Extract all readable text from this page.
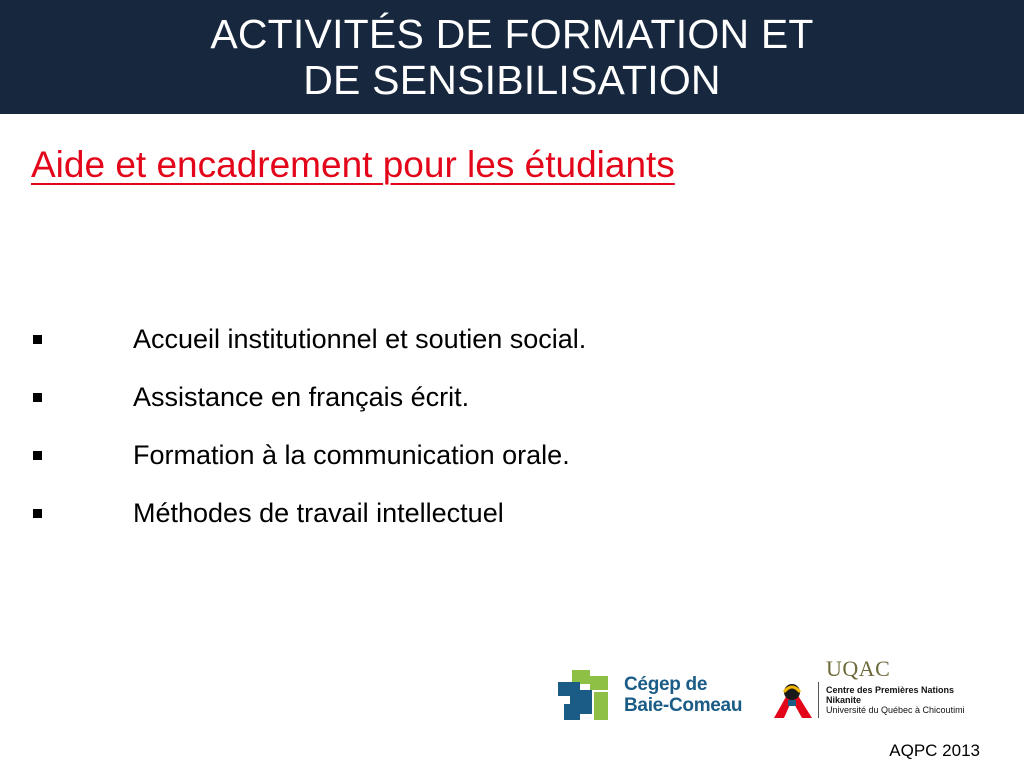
ACTIVITÉS DE FORMATION ET
DE SENSIBILISATION
Aide et encadrement pour les étudiants
Accueil institutionnel et soutien social.
Assistance en français écrit.
Formation à la communication orale.
Méthodes de travail intellectuel
Cégep de
Baie-Comeau
UQAC
Centre des Premières Nations
Nikanite
Université du Québec à Chicoutimi
AQPC 2013
